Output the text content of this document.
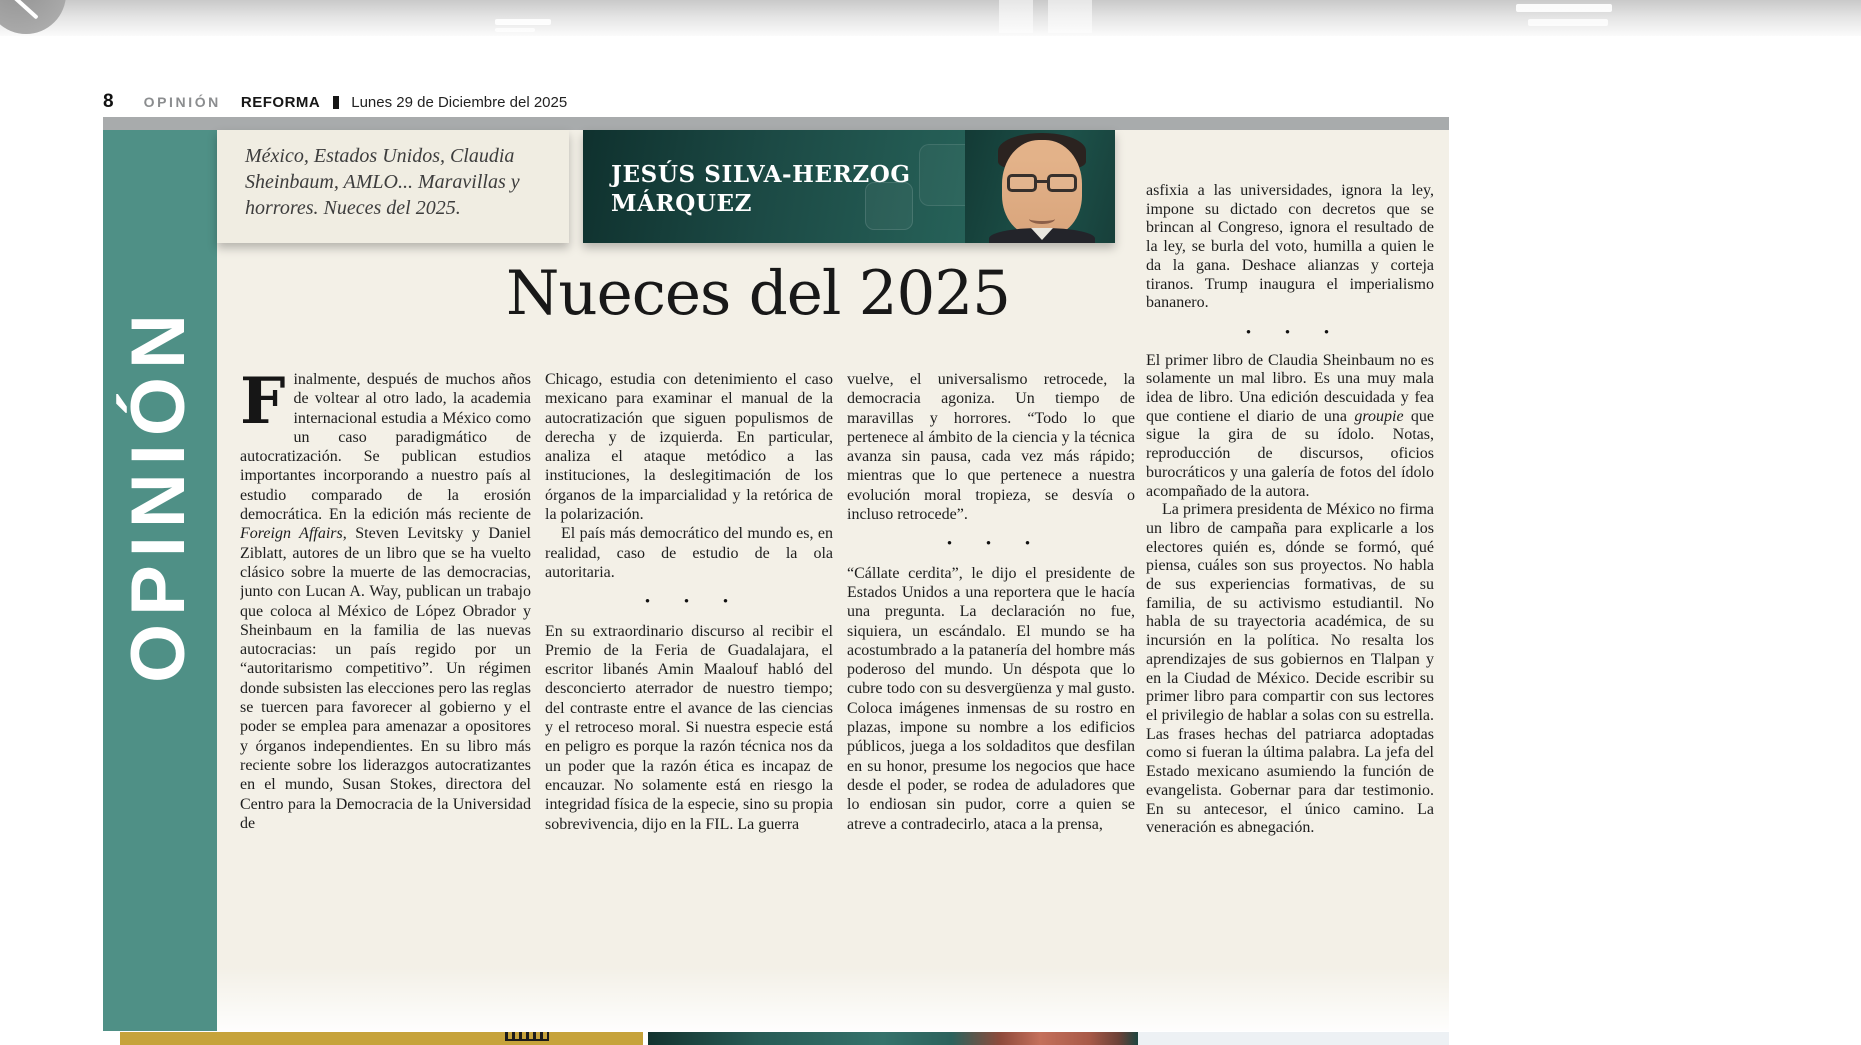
8 OPINIÓN REFORMA Lunes 29 de Diciembre del 2025
OPINIÓN
México, Estados Unidos, Claudia Sheinbaum, AMLO... Maravillas y horrores. Nueces del 2025.
JESÚS SILVA-HERZOG
MÁRQUEZ
Nueces del 2025

Finalmente, después de muchos años de voltear al otro lado, la academia internacional estudia a México como un caso paradigmático de autocratización. Se publican estudios importantes incorporando a nuestro país al estudio comparado de la erosión democrática. En la edición más reciente de Foreign Affairs, Steven Levitsky y Daniel Ziblatt, autores de un libro que se ha vuelto clásico sobre la muerte de las democracias, junto con Lucan A. Way, publican un trabajo que coloca al México de López Obrador y Sheinbaum en la familia de las nuevas autocracias: un país regido por un “autoritarismo competitivo”. Un régimen donde subsisten las elecciones pero las reglas se tuercen para favorecer al gobierno y el poder se emplea para amenazar a opositores y órganos independientes. En su libro más reciente sobre los liderazgos autocratizantes en el mundo, Susan Stokes, directora del Centro para la Democracia de la Universidad de

Chicago, estudia con detenimiento el caso mexicano para examinar el manual de la autocratización que siguen populismos de derecha y de izquierda. En particular, analiza el ataque metódico a las instituciones, la deslegitimación de los órganos de la imparcialidad y la retórica de la polarización.

El país más democrático del mundo es, en realidad, caso de estudio de la ola autoritaria.

• • •

En su extraordinario discurso al recibir el Premio de la Feria de Guadalajara, el escritor libanés Amin Maalouf habló del desconcierto aterrador de nuestro tiempo; del contraste entre el avance de las ciencias y el retroceso moral. Si nuestra especie está en peligro es porque la razón técnica nos da un poder que la razón ética es incapaz de encauzar. No solamente está en riesgo la integridad física de la especie, sino su propia sobrevivencia, dijo en la FIL. La guerra

vuelve, el universalismo retrocede, la democracia agoniza. Un tiempo de maravillas y horrores. “Todo lo que pertenece al ámbito de la ciencia y la técnica avanza sin pausa, cada vez más rápido; mientras que lo que pertenece a nuestra evolución moral tropieza, se desvía o incluso retrocede”.

• • •

“Cállate cerdita”, le dijo el presidente de Estados Unidos a una reportera que le hacía una pregunta. La declaración no fue, siquiera, un escándalo. El mundo se ha acostumbrado a la patanería del hombre más poderoso del mundo. Un déspota que lo cubre todo con su desvergüenza y mal gusto. Coloca imágenes inmensas de su rostro en plazas, impone su nombre a los edificios públicos, juega a los soldaditos que desfilan en su honor, presume los negocios que hace desde el poder, se rodea de aduladores que lo endiosan sin pudor, corre a quien se atreve a contradecirlo, ataca a la prensa,

asfixia a las universidades, ignora la ley, impone su dictado con decretos que se brincan al Congreso, ignora el resultado de la ley, se burla del voto, humilla a quien le da la gana. Deshace alianzas y corteja tiranos. Trump inaugura el imperialismo bananero.

• • •

El primer libro de Claudia Sheinbaum no es solamente un mal libro. Es una muy mala idea de libro. Una edición descuidada y fea que contiene el diario de una groupie que sigue la gira de su ídolo. Notas, reproducción de discursos, oficios burocráticos y una galería de fotos del ídolo acompañado de la autora.

La primera presidenta de México no firma un libro de campaña para explicarle a los electores quién es, dónde se formó, qué piensa, cuáles son sus proyectos. No habla de sus experiencias formativas, de su familia, de su activismo estudiantil. No habla de su trayectoria académica, de su incursión en la política. No resalta los aprendizajes de sus gobiernos en Tlalpan y en la Ciudad de México. Decide escribir su primer libro para compartir con sus lectores el privilegio de hablar a solas con su estrella. Las frases hechas del patriarca adoptadas como si fueran la última palabra. La jefa del Estado mexicano asumiendo la función de evangelista. Gobernar para dar testimonio. En su antecesor, el único camino. La veneración es abnegación.
